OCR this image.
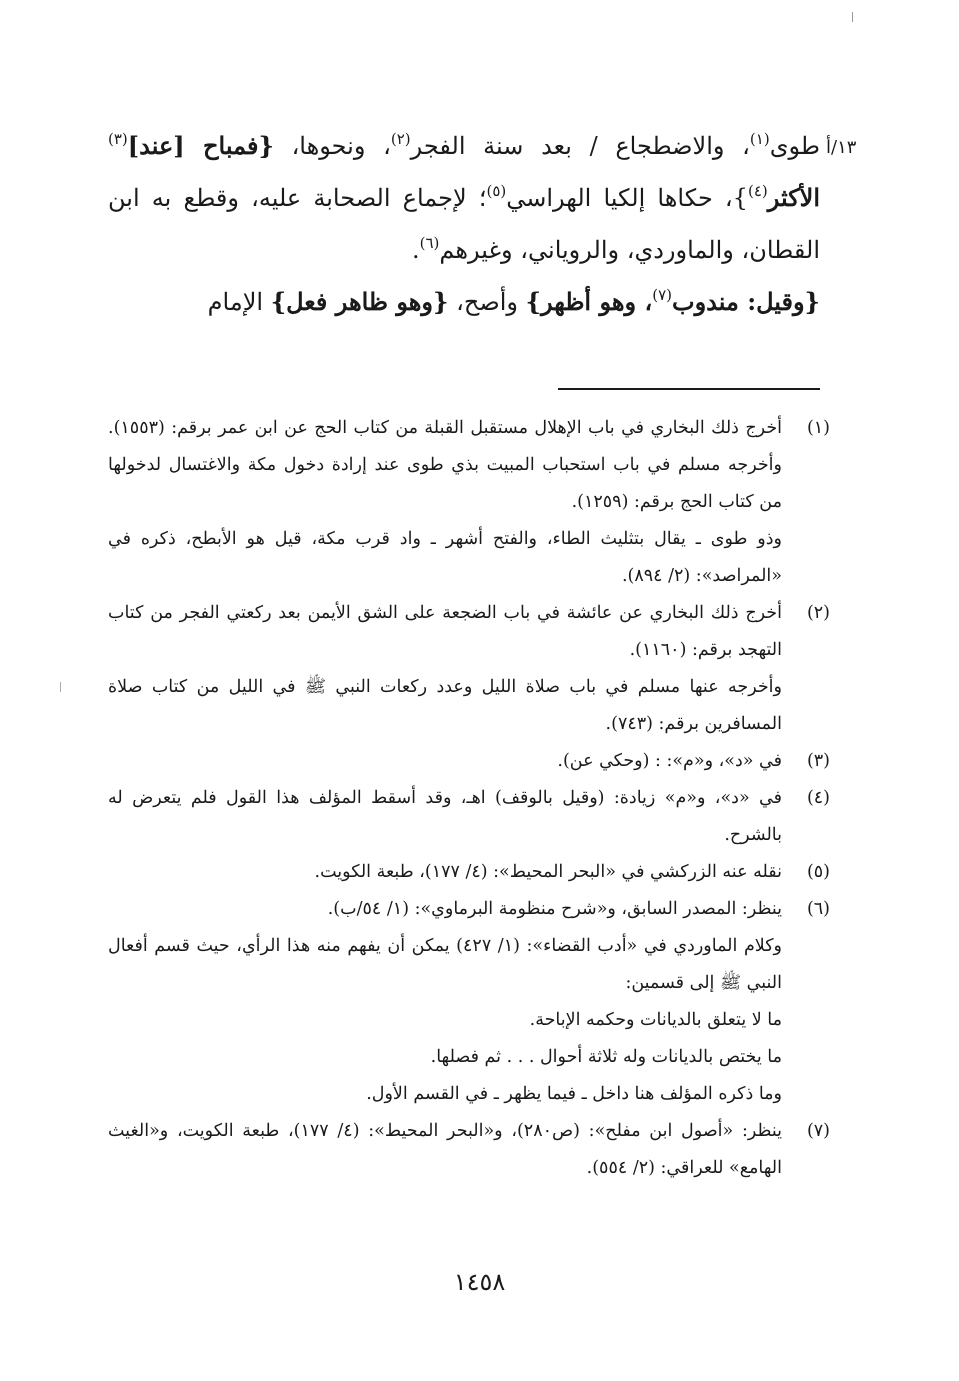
١٣/أ

طوى$^{(١)}$، والاضطجاع / بعد سنة الفجر$^{(٢)}$، ونحوها، {فمباح [عند]$^{(٣)}$ الأكثر$^{(٤)}$}، حكاها إلكيا الهراسي$^{(٥)}$؛ لإجماع الصحابة عليه، وقطع به ابن القطان، والماوردي، والروياني، وغيرهم$^{(٦)}$.

{وقيل: مندوب$^{(٧)}$، وهو أظهر} وأصح، {وهو ظاهر فعل} الإمام

(١)
أخرج ذلك البخاري في باب الإهلال مستقبل القبلة من كتاب الحج عن ابن عمر برقم: (١٥٥٣). وأخرجه مسلم في باب استحباب المبيت بذي طوى عند إرادة دخول مكة والاغتسال لدخولها من كتاب الحج برقم: (١٢٥٩).
وذو طوى ـ يقال بتثليث الطاء، والفتح أشهر ـ واد قرب مكة، قيل هو الأبطح، ذكره في «المراصد»: (٢/ ٨٩٤).
(٢)
أخرج ذلك البخاري عن عائشة في باب الضجعة على الشق الأيمن بعد ركعتي الفجر من كتاب التهجد برقم: (١١٦٠).
وأخرجه عنها مسلم في باب صلاة الليل وعدد ركعات النبي ﷺ في الليل من كتاب صلاة المسافرين برقم: (٧٤٣).
(٣)
في «د»، و«م»: : (وحكي عن).
(٤)
في «د»، و«م» زيادة: (وقيل بالوقف) اهـ، وقد أسقط المؤلف هذا القول فلم يتعرض له بالشرح.
(٥)
نقله عنه الزركشي في «البحر المحيط»: (٤/ ١٧٧)، طبعة الكويت.
(٦)
ينظر: المصدر السابق، و«شرح منظومة البرماوي»: (١/ ٥٤/ب).
وكلام الماوردي في «أدب القضاء»: (١/ ٤٢٧) يمكن أن يفهم منه هذا الرأي، حيث قسم أفعال النبي ﷺ إلى قسمين:
ما لا يتعلق بالديانات وحكمه الإباحة.
ما يختص بالديانات وله ثلاثة أحوال . . . ثم فصلها.
وما ذكره المؤلف هنا داخل ـ فيما يظهر ـ في القسم الأول.
(٧)
ينظر: «أصول ابن مفلح»: (ص٢٨٠)، و«البحر المحيط»: (٤/ ١٧٧)، طبعة الكويت، و«الغيث الهامع» للعراقي: (٢/ ٥٥٤).
١٤٥٨
